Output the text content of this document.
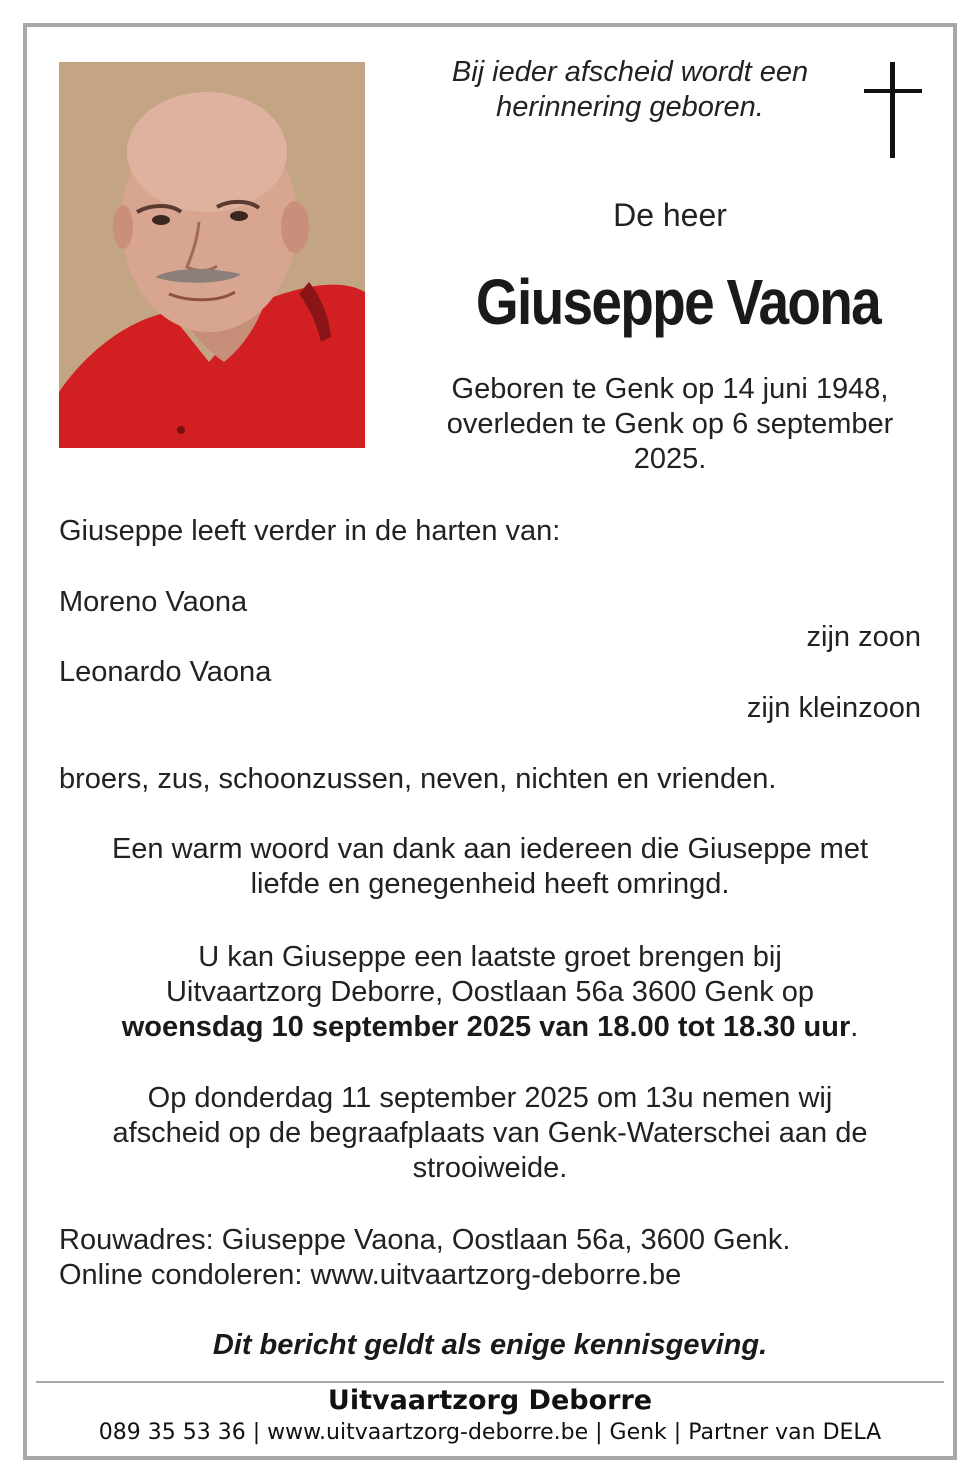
Bij ieder afscheid wordt een
herinnering geboren.
De heer
Giuseppe Vaona
Geboren te Genk op 14 juni 1948,
overleden te Genk op 6 september
2025.
Giuseppe leeft verder in de harten van:
Moreno Vaona
zijn zoon
Leonardo Vaona
zijn kleinzoon
broers, zus, schoonzussen, neven, nichten en vrienden.
Een warm woord van dank aan iedereen die Giuseppe met
liefde en genegenheid heeft omringd.
U kan Giuseppe een laatste groet brengen bij
Uitvaartzorg Deborre, Oostlaan 56a 3600 Genk op
woensdag 10 september 2025 van 18.00 tot 18.30 uur.
Op donderdag 11 september 2025 om 13u nemen wij
afscheid op de begraafplaats van Genk-Waterschei aan de
strooiweide.
Rouwadres: Giuseppe Vaona, Oostlaan 56a, 3600 Genk.
Online condoleren: www.uitvaartzorg-deborre.be
Dit bericht geldt als enige kennisgeving.
Uitvaartzorg Deborre
089 35 53 36 | www.uitvaartzorg-deborre.be | Genk | Partner van DELA
